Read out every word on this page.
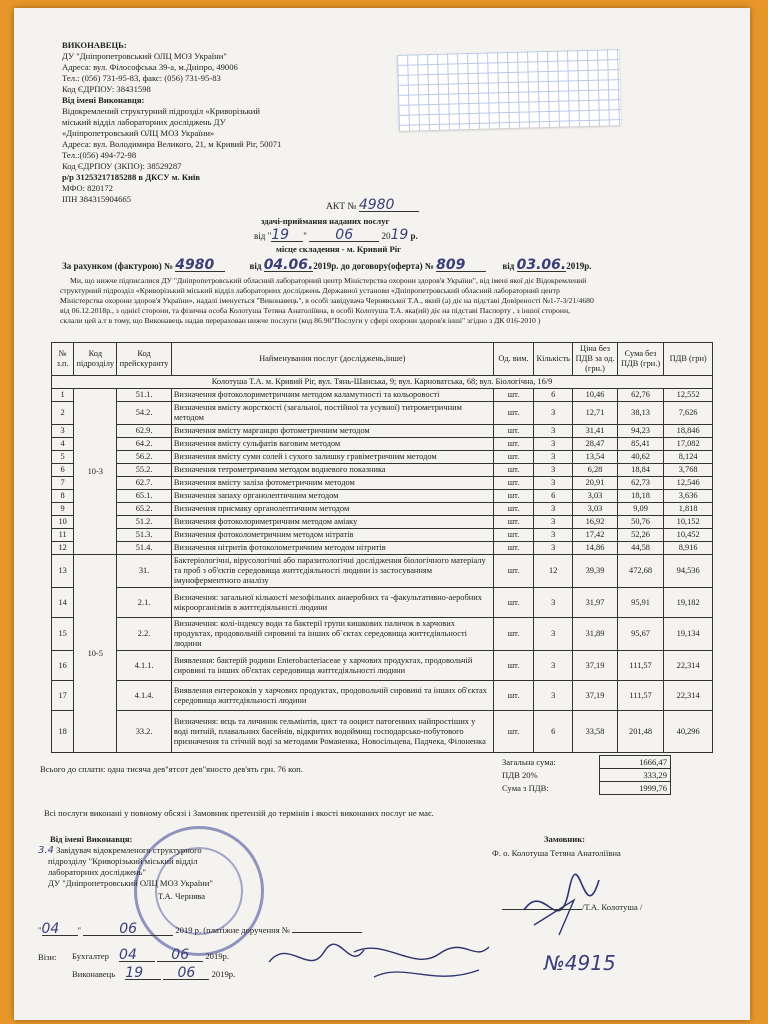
ВИКОНАВЕЦЬ:
ДУ "Дніпропетровський ОЛЦ МОЗ України"
Адреса: вул. Філософська 39-а, м.Дніпро, 49006
Тел.: (056) 731-95-83, факс: (056) 731-95-83
Код ЄДРПОУ: 38431598
Від імені Виконавця:
Відокремлений структурний підрозділ «Криворізький
міський відділ лабораторних досліджень ДУ
«Дніпропетровський ОЛЦ МОЗ України»
Адреса: вул. Володимира Великого, 21, м Кривий Ріг, 50071
Тел.:(056) 494-72-98
Код ЄДРПОУ (ЗКПО): 38529287
р/р 31253217185288 в ДКСУ м. Київ
МФО: 820172
ІПН 384315904665
АКТ № 4980
здачі-приймання наданих послуг
від "19 " 06	2019 р.
місце складення - м. Кривий Ріг
За рахунком (фактурою) № 4980	від 04.06.2019р. до договору(оферта) № 809	від 03.06.2019р.
Ми, що нижче підписалися ДУ "Дніпропетровський обласний лабораторний центр Міністерства охорони здоров'я України", від імені якої діє Відокремлений
структурний підрозділ «Криворізький міський відділ лабораторних досліджень Державної установи «Дніпропетровський обласний лабораторний центр
Міністерства охорони здоров'я України», надалі іменується "Виконавець", в особі завідувача Чернявської Т.А., який (а) діє на підставі Довіреності №1-7-3/21/4680
від 06.12.2018р., з однієї сторони, та фізична особа Колотуша Тетяна Анатоліївна, в особі Колотуша Т.А. яка(ий) діє на підставі Паспорту , з іншої сторони,
склали цей а.т в тому, що Виконавець надав перерахован нижче послуги (код 86.90"Послуги у сфері охорони здоров'я інші" згідно з ДК 016-2010 )
№ з.п.	Код підрозділу	Код прейскуранту	Найменування послуг (досліджень,інше)	Од. вим.	Кількість	Ціна без ПДВ за од.(грн.)	Сума без ПДВ (грн.)	ПДВ (грн)
Колотуша Т.А. м. Кривий Ріг, вул. Тянь-Шанська, 9; вул. Карноватська, 68; вул. Біологічна, 16/9								
1	10-3	51.1.	Визначення фотоколориметричним методом каламутності та кольоровості	шт.	6	10,46	62,76	12,552
2		54.2.	Визначення вмісту жорсткості (загальної, постійної та усувної) титрометричним методом	шт.	3	12,71	38,13	7,626
3		62.9.	Визначення вмісту марганцю фотометричним методом	шт.	3	31,41	94,23	18,846
4		64.2.	Визначення вмісту сульфатів ваговим методом	шт.	3	28,47	85,41	17,082
5		56.2.	Визначення вмісту суми солей і сухого залишку гравіметричним методом	шт.	3	13,54	40,62	8,124
6		55.2.	Визначення тетрометричним методом водневого показника	шт.	3	6,28	18,84	3,768
7		62.7.	Визначення вмісту заліза фотометричним методом	шт.	3	20,91	62,73	12,546
8		65.1.	Визначення запаху органолептичним методом	шт.	6	3,03	18,18	3,636
9		65.2.	Визначення присмаку органолептичним методом	шт.	3	3,03	9,09	1,818
10		51.2.	Визначення фотоколориметричним методом аміаку	шт.	3	16,92	50,76	10,152
11		51.3.	Визначення фотоколометричним методом нітратів	шт.	3	17,42	52,26	10,452
12		51.4.	Визначення нітритів фотоколометричним методом нітритів	шт.	3	14,86	44,58	8,916
13	10-5	31.	Бактеріологічні, вірусологічні або паразитологічні дослідження біологічного матеріалу та проб з об'єктів середовища життєдіяльності людини із застосуванням імуноферментного аналізу	шт.	12	39,39	472,68	94,536
14		2.1.	Визначення: загальної кількості мезофільних анаеробних та -факультативно-аеробних мікроорганізмів в життєдіяльності людини	шт.	3	31,97	95,91	19,182
15		2.2.	Визначення: колі-індексу води та бактерії групи кишкових паличок в харчових продуктах, продовольчій сировині та інших об`єктах середовища життєдіяльності людини	шт.	3	31,89	95,67	19,134
16		4.1.1.	Виявлення: бактерій родини Enterobacteriaceae у харчових продуктах, продовольчій сировині та інших об'єктах середовища життєдіяльності людини	шт.	3	37,19	111,57	22,314
17		4.1.4.	Виявлення ентерококів у харчових продуктах, продовольчій сировині та інших об'єктах середовища життєдіяльності людини	шт.	3	37,19	111,57	22,314
18		33.2.	Визначення: яєць та личинок гельмінтів, цист та ооцист патогенних найпростіших у воді питній, плавальних басейнів, відкритих водоймищ господарсько-побутового призначення та стічній воді за методами Романенка, Новосільцева, Падчека, Філоненка	шт.	6	33,58	201,48	40,296
Загальна сума:	1666,47
ПДВ 20%	333,29
Сума з ПДВ:	1999,76
Всього до сплати: одна тисяча дев"ятсот дев"яносто дев'ять грн. 76 коп.
Всі послуги виконані у повному обсязі і Замовник претензій до термінів і якості виконаних послуг не має.
Від імені Виконавця:
3.4 Завідувач відокремленого структурного
підрозділу "Криворізький міський відділ
лабораторних досліджень"
ДУ "Дніпропетровський ОЛЦ МОЗ України"
Т.А. Чернява
"04 "	06	2019 р. (платіжне доручення №
Замовник:
Ф. о. Колотуша Тетяна Анатоліївна
/Т.А. Колотуша /
Візи: Бухгалтер 04 06 2019р.
Виконавець 19 06 2019р.	№4915
